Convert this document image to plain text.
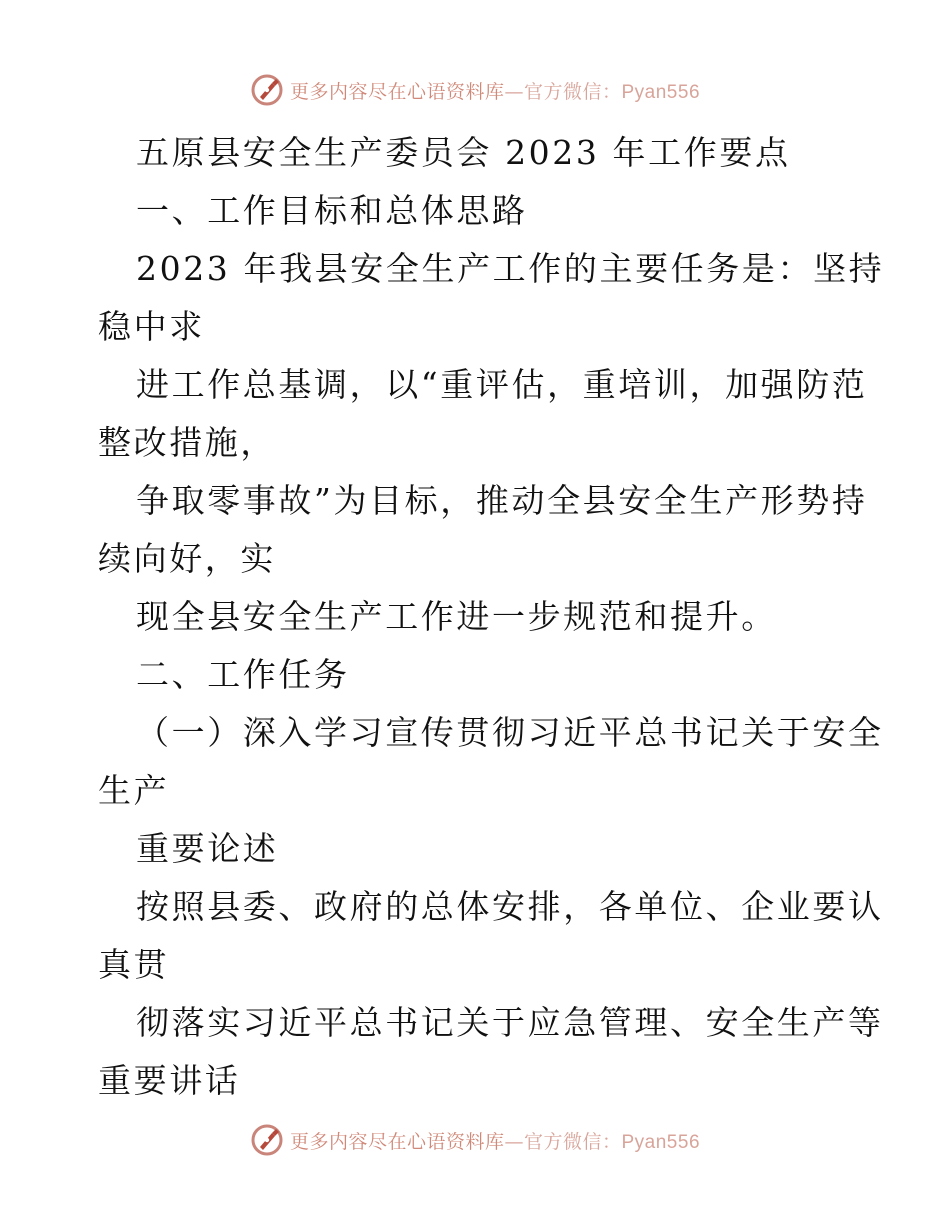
更多内容尽在心语资料库—官方微信：Pyan556
五原县安全生产委员会 2023 年工作要点
一、工作目标和总体思路
2023 年我县安全生产工作的主要任务是：坚持
稳中求
进工作总基调，以“重评估，重培训，加强防范
整改措施，
争取零事故”为目标，推动全县安全生产形势持
续向好，实
现全县安全生产工作进一步规范和提升。
二、工作任务
（一）深入学习宣传贯彻习近平总书记关于安全
生产
重要论述
按照县委、政府的总体安排，各单位、企业要认
真贯
彻落实习近平总书记关于应急管理、安全生产等
重要讲话
更多内容尽在心语资料库—官方微信：Pyan556
